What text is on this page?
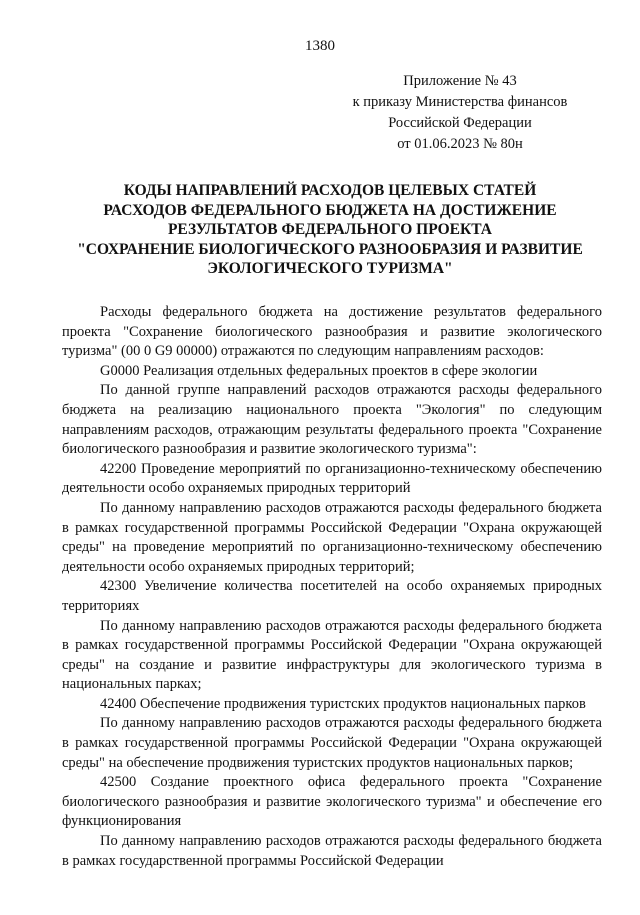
1380
Приложение № 43
к приказу Министерства финансов
Российской Федерации
от 01.06.2023 № 80н
КОДЫ НАПРАВЛЕНИЙ РАСХОДОВ ЦЕЛЕВЫХ СТАТЕЙ
РАСХОДОВ ФЕДЕРАЛЬНОГО БЮДЖЕТА НА ДОСТИЖЕНИЕ
РЕЗУЛЬТАТОВ ФЕДЕРАЛЬНОГО ПРОЕКТА
"СОХРАНЕНИЕ БИОЛОГИЧЕСКОГО РАЗНООБРАЗИЯ И РАЗВИТИЕ
ЭКОЛОГИЧЕСКОГО ТУРИЗМА"

Расходы федерального бюджета на достижение результатов федерального проекта "Сохранение биологического разнообразия и развитие экологического туризма" (00 0 G9 00000) отражаются по следующим направлениям расходов:

G0000 Реализация отдельных федеральных проектов в сфере экологии

По данной группе направлений расходов отражаются расходы федерального бюджета на реализацию национального проекта "Экология" по следующим направлениям расходов, отражающим результаты федерального проекта "Сохранение биологического разнообразия и развитие экологического туризма":

42200 Проведение мероприятий по организационно-техническому обеспечению деятельности особо охраняемых природных территорий

По данному направлению расходов отражаются расходы федерального бюджета в рамках государственной программы Российской Федерации "Охрана окружающей среды" на проведение мероприятий по организационно-техническому обеспечению деятельности особо охраняемых природных территорий;

42300 Увеличение количества посетителей на особо охраняемых природных территориях

По данному направлению расходов отражаются расходы федерального бюджета в рамках государственной программы Российской Федерации "Охрана окружающей среды" на создание и развитие инфраструктуры для экологического туризма в национальных парках;

42400 Обеспечение продвижения туристских продуктов национальных парков

По данному направлению расходов отражаются расходы федерального бюджета в рамках государственной программы Российской Федерации "Охрана окружающей среды" на обеспечение продвижения туристских продуктов национальных парков;

42500 Создание проектного офиса федерального проекта "Сохранение биологического разнообразия и развитие экологического туризма" и обеспечение его функционирования

По данному направлению расходов отражаются расходы федерального бюджета в рамках государственной программы Российской Федерации
